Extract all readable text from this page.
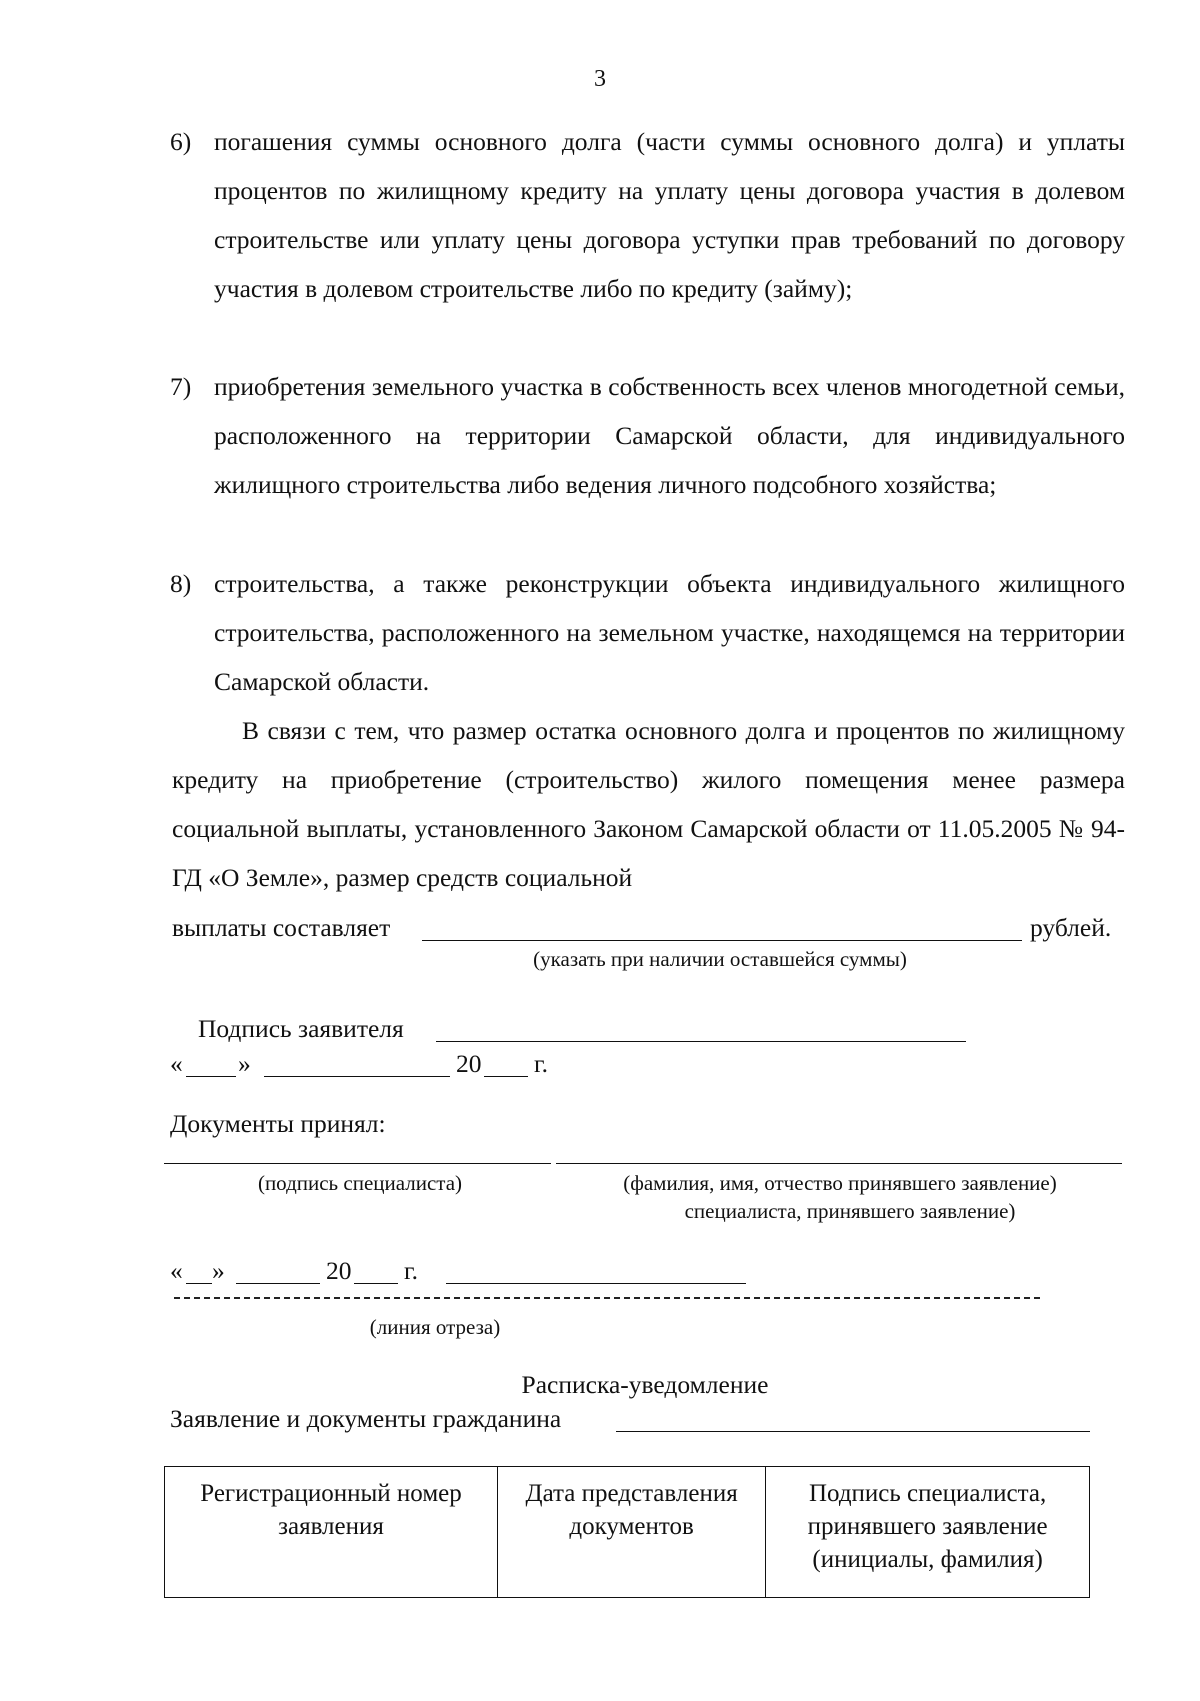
3
6) погашения суммы основного долга (части суммы основного долга) и уплаты процентов по жилищному кредиту на уплату цены договора участия в долевом строительстве или уплату цены договора уступки прав требований по договору участия в долевом строительстве либо по кредиту (займу);
7) приобретения земельного участка в собственность всех членов многодетной семьи, расположенного на территории Самарской области, для индивидуального жилищного строительства либо ведения личного подсобного хозяйства;
8) строительства, а также реконструкции объекта индивидуального жилищного строительства, расположенного на земельном участке, находящемся на территории Самарской области.
В связи с тем, что размер остатка основного долга и процентов по жилищному кредиту на приобретение (строительство) жилого помещения менее размера социальной выплаты, установленного Законом Самарской области от 11.05.2005 № 94-ГД «О Земле», размер средств социальной
выплаты составляет	рублей.
(указать при наличии оставшейся суммы)
Подпись заявителя
« »	20 г.
Документы принял:
(подпись специалиста)	(фамилия, имя, отчество принявшего заявление)
специалиста, принявшего заявление)
« »	20 г.
(линия отреза)
Расписка-уведомление
Заявление и документы гражданина
Регистрационный номер заявления	Дата представления документов	Подпись специалиста, принявшего заявление (инициалы, фамилия)
